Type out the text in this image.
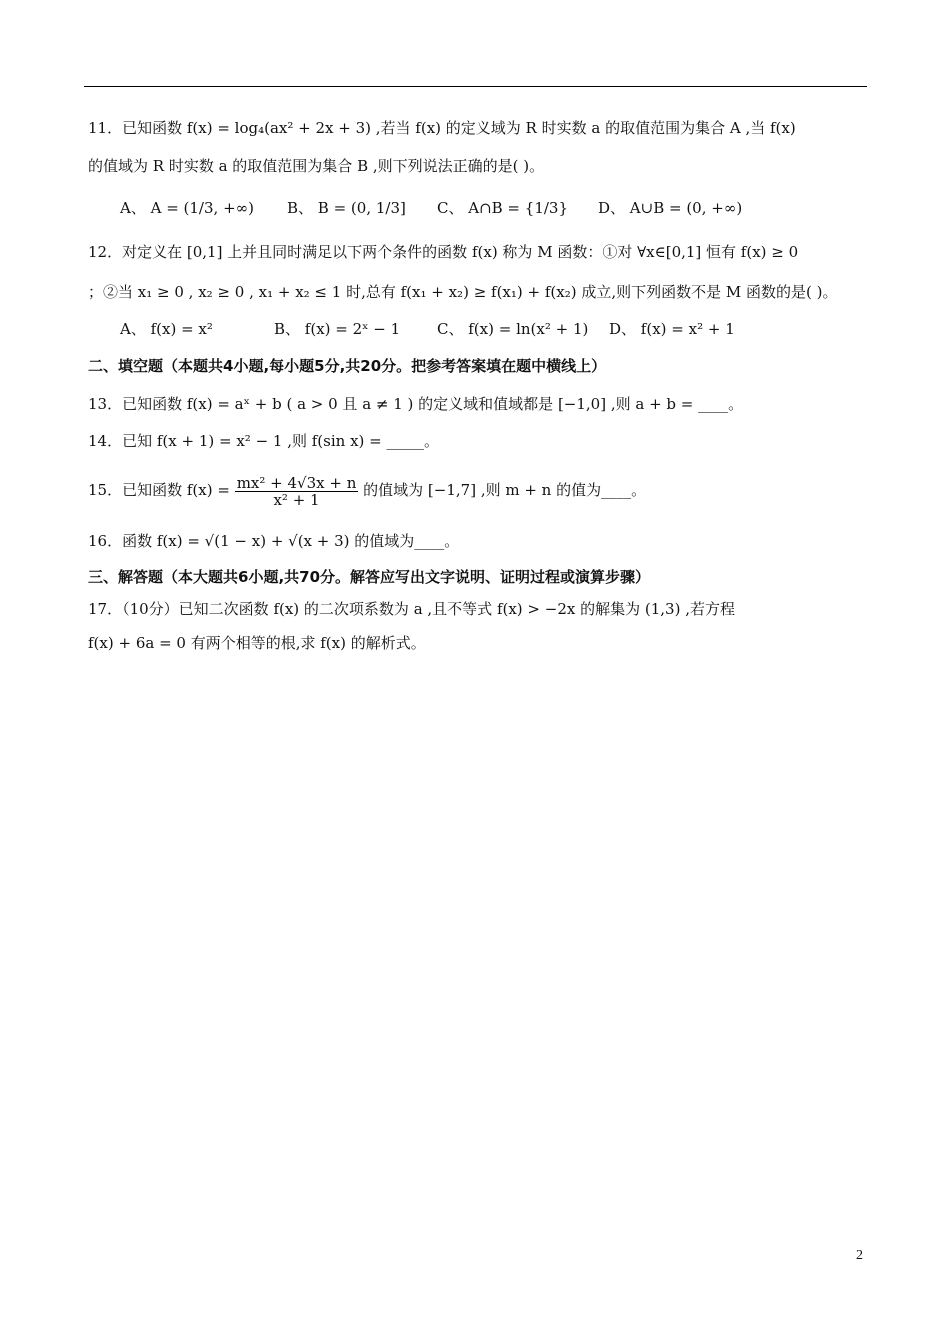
11．已知函数 f(x) = log₄(ax² + 2x + 3) ,若当 f(x) 的定义域为 R 时实数 a 的取值范围为集合 A ,当 f(x)
的值域为 R 时实数 a 的取值范围为集合 B ,则下列说法正确的是( )。
A、 A = (1/3, +∞) B、 B = (0, 1/3] C、 A∩B = {1/3} D、 A∪B = (0, +∞)
12．对定义在 [0,1] 上并且同时满足以下两个条件的函数 f(x) 称为 M 函数：①对 ∀x∈[0,1] 恒有 f(x) ≥ 0
；②当 x₁ ≥ 0 , x₂ ≥ 0 , x₁ + x₂ ≤ 1 时,总有 f(x₁ + x₂) ≥ f(x₁) + f(x₂) 成立,则下列函数不是 M 函数的是( )。
A、 f(x) = x²	B、 f(x) = 2ˣ − 1 C、 f(x) = ln(x² + 1) D、 f(x) = x² + 1
二、填空题（本题共4小题,每小题5分,共20分。把参考答案填在题中横线上）
13．已知函数 f(x) = aˣ + b ( a > 0 且 a ≠ 1 ) 的定义域和值域都是 [−1,0] ,则 a + b = ____。
14．已知 f(x + 1) = x² − 1 ,则 f(sin x) = _____。
15．已知函数 $f(x) = \frac{\text{mx² + 4√3x + n}}{\text{x² + 1}}$ 的值域为 [−1,7] ,则 m + n 的值为____。
16．函数 f(x) = √(1 − x) + √(x + 3) 的值域为____。
三、解答题（本大题共6小题,共70分。解答应写出文字说明、证明过程或演算步骤）
17．（10分）已知二次函数 f(x) 的二次项系数为 a ,且不等式 f(x) > −2x 的解集为 (1,3) ,若方程
f(x) + 6a = 0 有两个相等的根,求 f(x) 的解析式。
2
